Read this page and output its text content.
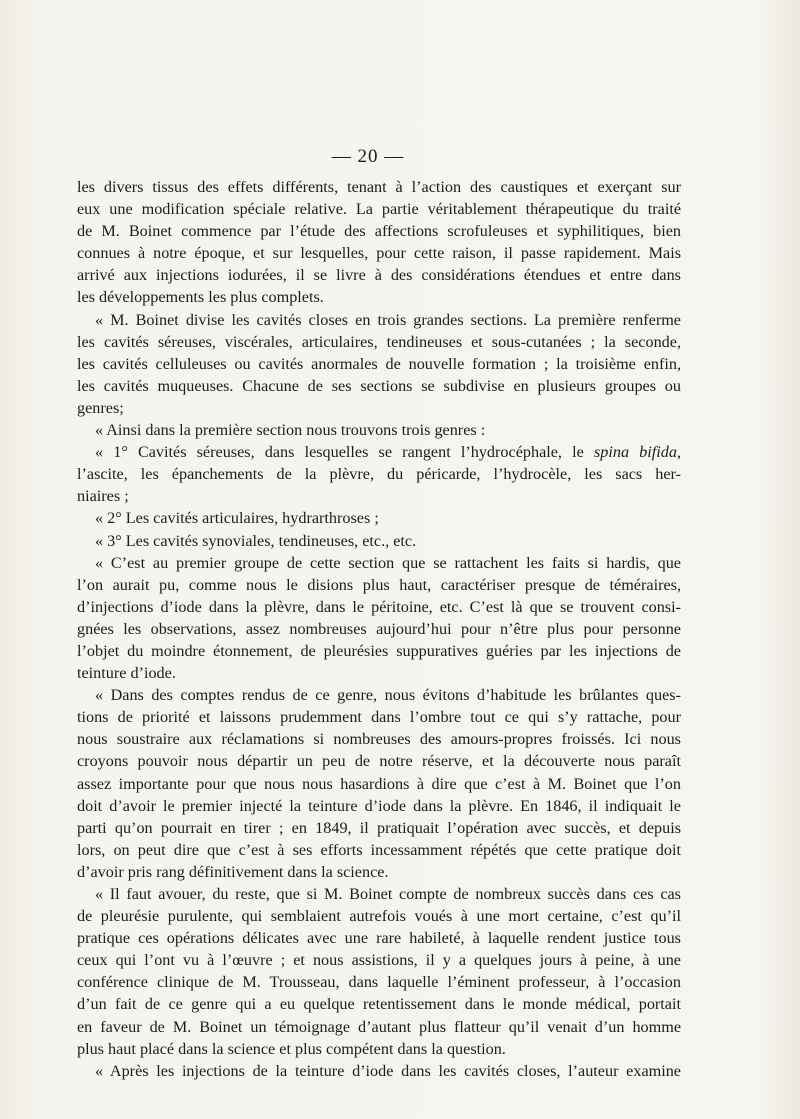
— 20 —
les divers tissus des effets différents, tenant à l’action des caustiques et exerçant sur
eux une modification spéciale relative. La partie véritablement thérapeutique du traité
de M. Boinet commence par l’étude des affections scrofuleuses et syphilitiques, bien
connues à notre époque, et sur lesquelles, pour cette raison, il passe rapidement. Mais
arrivé aux injections iodurées, il se livre à des considérations étendues et entre dans
les développements les plus complets.
« M. Boinet divise les cavités closes en trois grandes sections. La première renferme
les cavités séreuses, viscérales, articulaires, tendineuses et sous-cutanées ; la seconde,
les cavités celluleuses ou cavités anormales de nouvelle formation ; la troisième enfin,
les cavités muqueuses. Chacune de ses sections se subdivise en plusieurs groupes ou
genres;
« Ainsi dans la première section nous trouvons trois genres :
« 1° Cavités séreuses, dans lesquelles se rangent l’hydrocéphale, le spina bifida,
l’ascite, les épanchements de la plèvre, du péricarde, l’hydrocèle, les sacs her-
niaires ;
« 2° Les cavités articulaires, hydrarthroses ;
« 3° Les cavités synoviales, tendineuses, etc., etc.
« C’est au premier groupe de cette section que se rattachent les faits si hardis, que
l’on aurait pu, comme nous le disions plus haut, caractériser presque de téméraires,
d’injections d’iode dans la plèvre, dans le péritoine, etc. C’est là que se trouvent consi-
gnées les observations, assez nombreuses aujourd’hui pour n’être plus pour personne
l’objet du moindre étonnement, de pleurésies suppuratives guéries par les injections de
teinture d’iode.
« Dans des comptes rendus de ce genre, nous évitons d’habitude les brûlantes ques-
tions de priorité et laissons prudemment dans l’ombre tout ce qui s’y rattache, pour
nous soustraire aux réclamations si nombreuses des amours-propres froissés. Ici nous
croyons pouvoir nous départir un peu de notre réserve, et la découverte nous paraît
assez importante pour que nous nous hasardions à dire que c’est à M. Boinet que l’on
doit d’avoir le premier injecté la teinture d’iode dans la plèvre. En 1846, il indiquait le
parti qu’on pourrait en tirer ; en 1849, il pratiquait l’opération avec succès, et depuis
lors, on peut dire que c’est à ses efforts incessamment répétés que cette pratique doit
d’avoir pris rang définitivement dans la science.
« Il faut avouer, du reste, que si M. Boinet compte de nombreux succès dans ces cas
de pleurésie purulente, qui semblaient autrefois voués à une mort certaine, c’est qu’il
pratique ces opérations délicates avec une rare habileté, à laquelle rendent justice tous
ceux qui l’ont vu à l’œuvre ; et nous assistions, il y a quelques jours à peine, à une
conférence clinique de M. Trousseau, dans laquelle l’éminent professeur, à l’occasion
d’un fait de ce genre qui a eu quelque retentissement dans le monde médical, portait
en faveur de M. Boinet un témoignage d’autant plus flatteur qu’il venait d’un homme
plus haut placé dans la science et plus compétent dans la question.
« Après les injections de la teinture d’iode dans les cavités closes, l’auteur examine
